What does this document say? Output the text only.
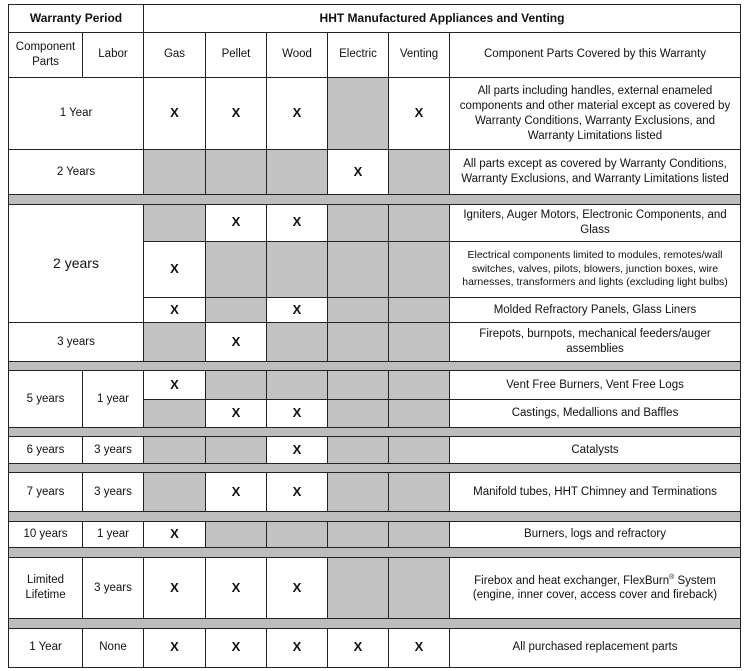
Warranty Period		HHT Manufactured Appliances and Venting					
Component Parts	Labor	Gas	Pellet	Wood	Electric	Venting	Component Parts Covered by this Warranty
1 Year		X	X	X		X	All parts including handles, external enameled components and other material except as covered by Warranty Conditions, Warranty Exclusions, and Warranty Limitations listed
2 Years					X		All parts except as covered by Warranty Conditions, Warranty Exclusions, and Warranty Limitations listed

2 years			X	X			Igniters, Auger Motors, Electronic Components, and Glass
		X					Electrical components limited to modules, remotes/wall switches, valves, pilots, blowers, junction boxes, wire harnesses, transformers and lights (excluding light bulbs)
		X		X			Molded Refractory Panels, Glass Liners
3 years			X				Firepots, burnpots, mechanical feeders/auger assemblies

5 years	1 year	X					Vent Free Burners, Vent Free Logs
			X	X			Castings, Medallions and Baffles

6 years	3 years			X			Catalysts

7 years	3 years		X	X			Manifold tubes, HHT Chimney and Terminations

10 years	1 year	X					Burners, logs and refractory

Limited Lifetime	3 years	X	X	X			Firebox and heat exchanger, FlexBurn® System (engine, inner cover, access cover and fireback)

1 Year	None	X	X	X	X	X	All purchased replacement parts
